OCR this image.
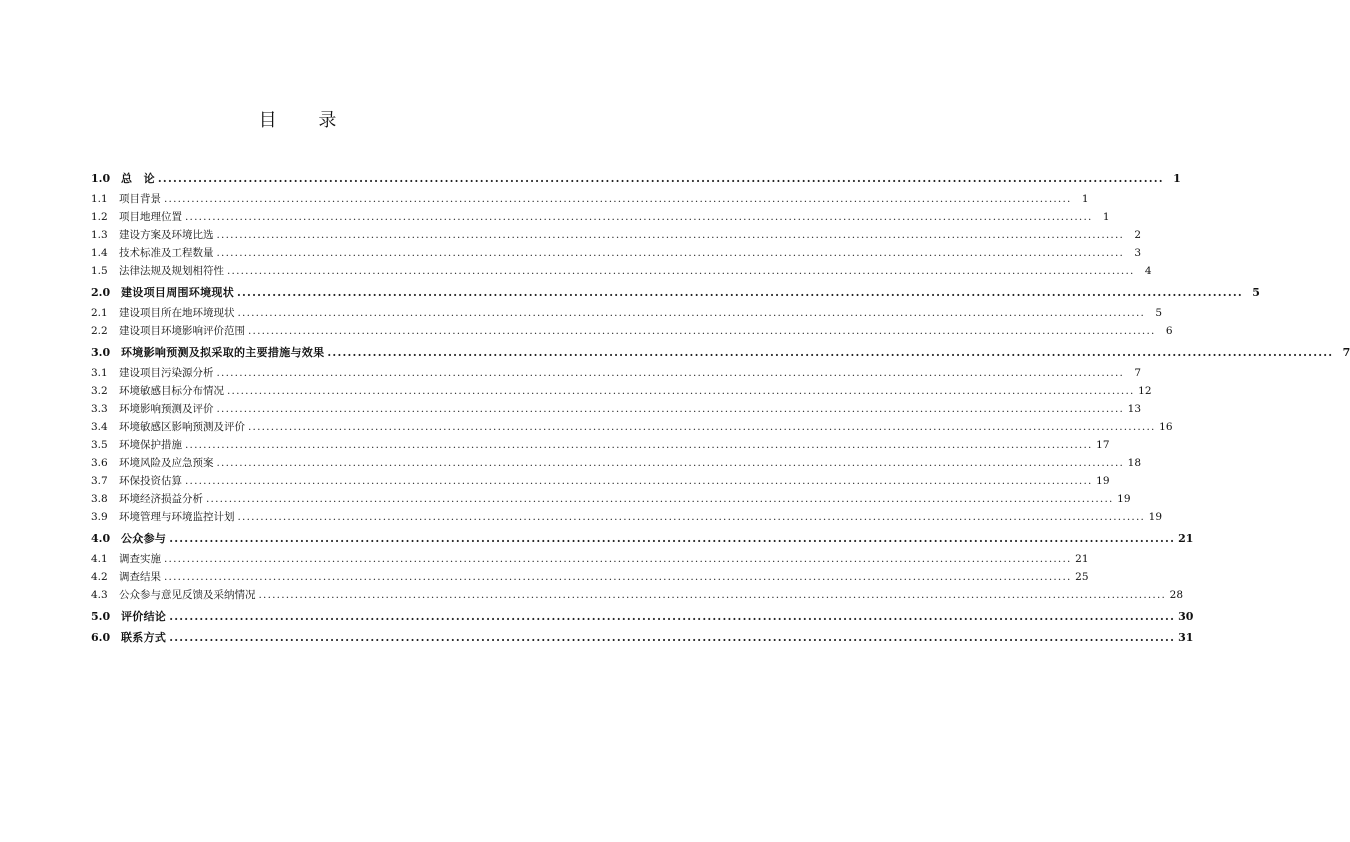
目 录
1.0 总　论 ........................................................................................................................................................................................................ 1
1.1	项目背景 ........................................................................................................................................................................................................ 1
1.2	项目地理位置 ........................................................................................................................................................................................................ 1
1.3	建设方案及环境比选 ........................................................................................................................................................................................................ 2
1.4	技术标准及工程数量 ........................................................................................................................................................................................................ 3
1.5	法律法规及规划相符性 ........................................................................................................................................................................................................ 4
2.0 建设项目周围环境现状 ........................................................................................................................................................................................................ 5
2.1	建设项目所在地环境现状 ........................................................................................................................................................................................................ 5
2.2	建设项目环境影响评价范围 ........................................................................................................................................................................................................ 6
3.0 环境影响预测及拟采取的主要措施与效果 ........................................................................................................................................................................................................ 7
3.1	建设项目污染源分析 ........................................................................................................................................................................................................ 7
3.2	环境敏感目标分布情况 ........................................................................................................................................................................................................ 12
3.3	环境影响预测及评价 ........................................................................................................................................................................................................ 13
3.4	环境敏感区影响预测及评价 ........................................................................................................................................................................................................ 16
3.5	环境保护措施 ........................................................................................................................................................................................................ 17
3.6	环境风险及应急预案 ........................................................................................................................................................................................................ 18
3.7	环保投资估算 ........................................................................................................................................................................................................ 19
3.8	环境经济损益分析 ........................................................................................................................................................................................................ 19
3.9	环境管理与环境监控计划 ........................................................................................................................................................................................................ 19
4.0 公众参与 ........................................................................................................................................................................................................ 21
4.1	调查实施 ........................................................................................................................................................................................................ 21
4.2	调查结果 ........................................................................................................................................................................................................ 25
4.3	公众参与意见反馈及采纳情况 ........................................................................................................................................................................................................ 28
5.0 评价结论 ........................................................................................................................................................................................................ 30
6.0 联系方式 ........................................................................................................................................................................................................ 31
